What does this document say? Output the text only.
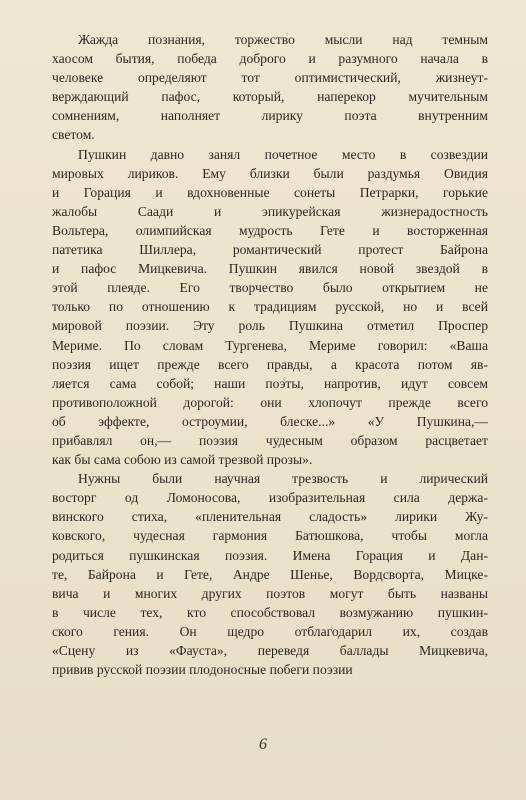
Жажда познания, торжество мысли над темным
хаосом бытия, победа доброго и разумного начала в
человеке определяют тот оптимистический, жизнеут-
верждающий пафос, который, наперекор мучительным
сомнениям, наполняет лирику поэта внутренним
светом.
Пушкин давно занял почетное место в созвездии
мировых лириков. Ему близки были раздумья Овидия
и Горация и вдохновенные сонеты Петрарки, горькие
жалобы Саади и эпикурейская жизнерадостность
Вольтера, олимпийская мудрость Гете и восторженная
патетика Шиллера, романтический протест Байрона
и пафос Мицкевича. Пушкин явился новой звездой в
этой плеяде. Его творчество было открытием не
только по отношению к традициям русской, но и всей
мировой поэзии. Эту роль Пушкина отметил Проспер
Мериме. По словам Тургенева, Мериме говорил: «Ваша
поэзия ищет прежде всего правды, а красота потом яв-
ляется сама собой; наши поэты, напротив, идут совсем
противоположной дорогой: они хлопочут прежде всего
об эффекте, остроумии, блеске...» «У Пушкина,—
прибавлял он,— поэзия чудесным образом расцветает
как бы сама собою из самой трезвой прозы».
Нужны были научная трезвость и лирический
восторг од Ломоносова, изобразительная сила держа-
винского стиха, «пленительная сладость» лирики Жу-
ковского, чудесная гармония Батюшкова, чтобы могла
родиться пушкинская поэзия. Имена Горация и Дан-
те, Байрона и Гете, Андре Шенье, Вордсворта, Мицке-
вича и многих других поэтов могут быть названы
в числе тех, кто способствовал возмужанию пушкин-
ского гения. Он щедро отблагодарил их, создав
«Сцену из «Фауста», переведя баллады Мицкевича,
привив русской поэзии плодоносные побеги поэзии
6
